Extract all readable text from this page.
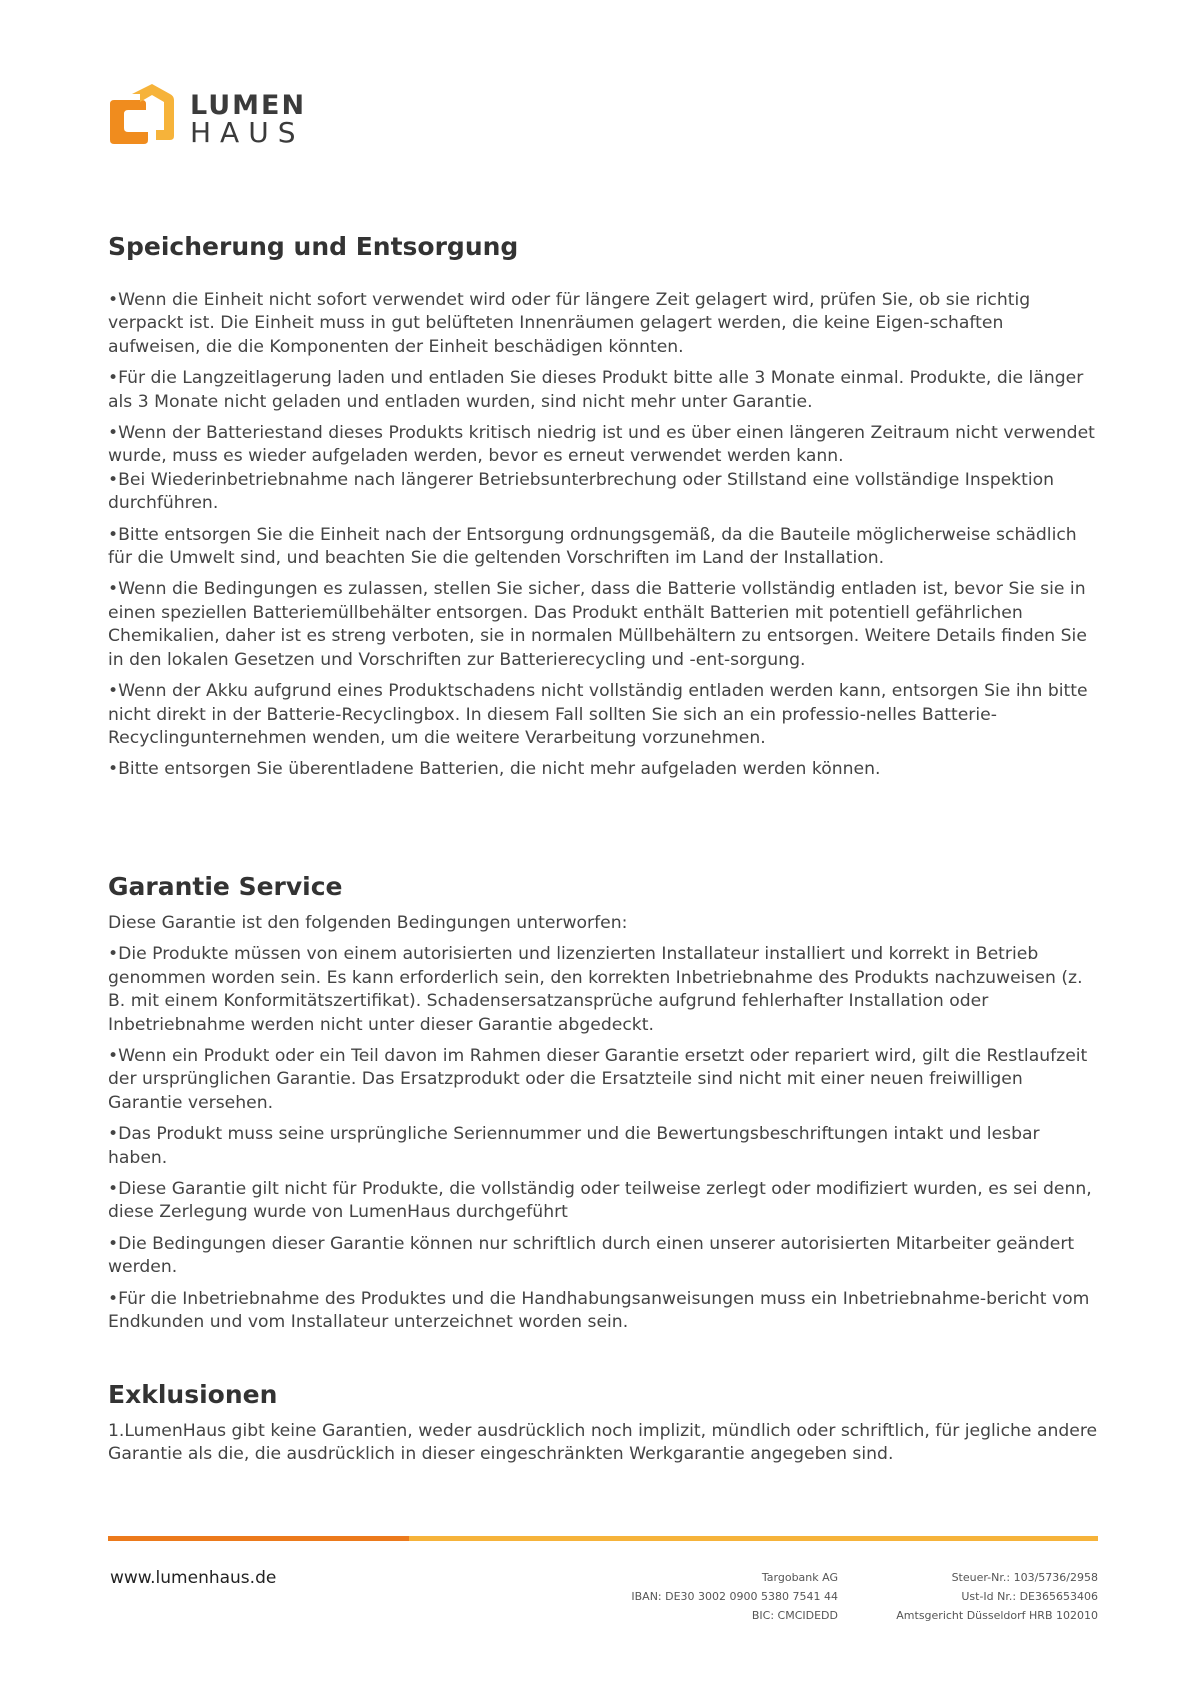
LUMEN
HAUS
Speicherung und Entsorgung

•Wenn die Einheit nicht sofort verwendet wird oder für längere Zeit gelagert wird, prüfen Sie, ob sie richtig verpackt ist. Die Einheit muss in gut belüfteten Innenräumen gelagert werden, die keine Eigen-schaften aufweisen, die die Komponenten der Einheit beschädigen könnten.

•Für die Langzeitlagerung laden und entladen Sie dieses Produkt bitte alle 3 Monate einmal. Produkte, die länger als 3 Monate nicht geladen und entladen wurden, sind nicht mehr unter Garantie.

•Wenn der Batteriestand dieses Produkts kritisch niedrig ist und es über einen längeren Zeitraum nicht verwendet wurde, muss es wieder aufgeladen werden, bevor es erneut verwendet werden kann.
•Bei Wiederinbetriebnahme nach längerer Betriebsunterbrechung oder Stillstand eine vollständige Inspektion durchführen.

•Bitte entsorgen Sie die Einheit nach der Entsorgung ordnungsgemäß, da die Bauteile möglicherweise schädlich für die Umwelt sind, und beachten Sie die geltenden Vorschriften im Land der Installation.

•Wenn die Bedingungen es zulassen, stellen Sie sicher, dass die Batterie vollständig entladen ist, bevor Sie sie in einen speziellen Batteriemüllbehälter entsorgen. Das Produkt enthält Batterien mit potentiell gefährlichen Chemikalien, daher ist es streng verboten, sie in normalen Müllbehältern zu entsorgen. Weitere Details finden Sie in den lokalen Gesetzen und Vorschriften zur Batterierecycling und -ent-sorgung.

•Wenn der Akku aufgrund eines Produktschadens nicht vollständig entladen werden kann, entsorgen Sie ihn bitte nicht direkt in der Batterie-Recyclingbox. In diesem Fall sollten Sie sich an ein professio-nelles Batterie-Recyclingunternehmen wenden, um die weitere Verarbeitung vorzunehmen.

•Bitte entsorgen Sie überentladene Batterien, die nicht mehr aufgeladen werden können.

Garantie Service

Diese Garantie ist den folgenden Bedingungen unterworfen:

•Die Produkte müssen von einem autorisierten und lizenzierten Installateur installiert und korrekt in Betrieb genommen worden sein. Es kann erforderlich sein, den korrekten Inbetriebnahme des Produkts nachzuweisen (z. B. mit einem Konformitätszertifikat). Schadensersatzansprüche aufgrund fehlerhafter Installation oder Inbetriebnahme werden nicht unter dieser Garantie abgedeckt.

•Wenn ein Produkt oder ein Teil davon im Rahmen dieser Garantie ersetzt oder repariert wird, gilt die Restlaufzeit der ursprünglichen Garantie. Das Ersatzprodukt oder die Ersatzteile sind nicht mit einer neuen freiwilligen Garantie versehen.

•Das Produkt muss seine ursprüngliche Seriennummer und die Bewertungsbeschriftungen intakt und lesbar haben.

•Diese Garantie gilt nicht für Produkte, die vollständig oder teilweise zerlegt oder modifiziert wurden, es sei denn, diese Zerlegung wurde von LumenHaus durchgeführt

•Die Bedingungen dieser Garantie können nur schriftlich durch einen unserer autorisierten Mitarbeiter geändert werden.

•Für die Inbetriebnahme des Produktes und die Handhabungsanweisungen muss ein Inbetriebnahme-bericht vom Endkunden und vom Installateur unterzeichnet worden sein.

Exklusionen

1.LumenHaus gibt keine Garantien, weder ausdrücklich noch implizit, mündlich oder schriftlich, für jegliche andere Garantie als die, die ausdrücklich in dieser eingeschränkten Werkgarantie angegeben sind.

www.lumenhaus.de	Targobank AG
IBAN: DE30 3002 0900 5380 7541 44
BIC: CMCIDEDD
Steuer-Nr.: 103/5736/2958
Ust-Id Nr.: DE365653406
Amtsgericht Düsseldorf HRB 102010
